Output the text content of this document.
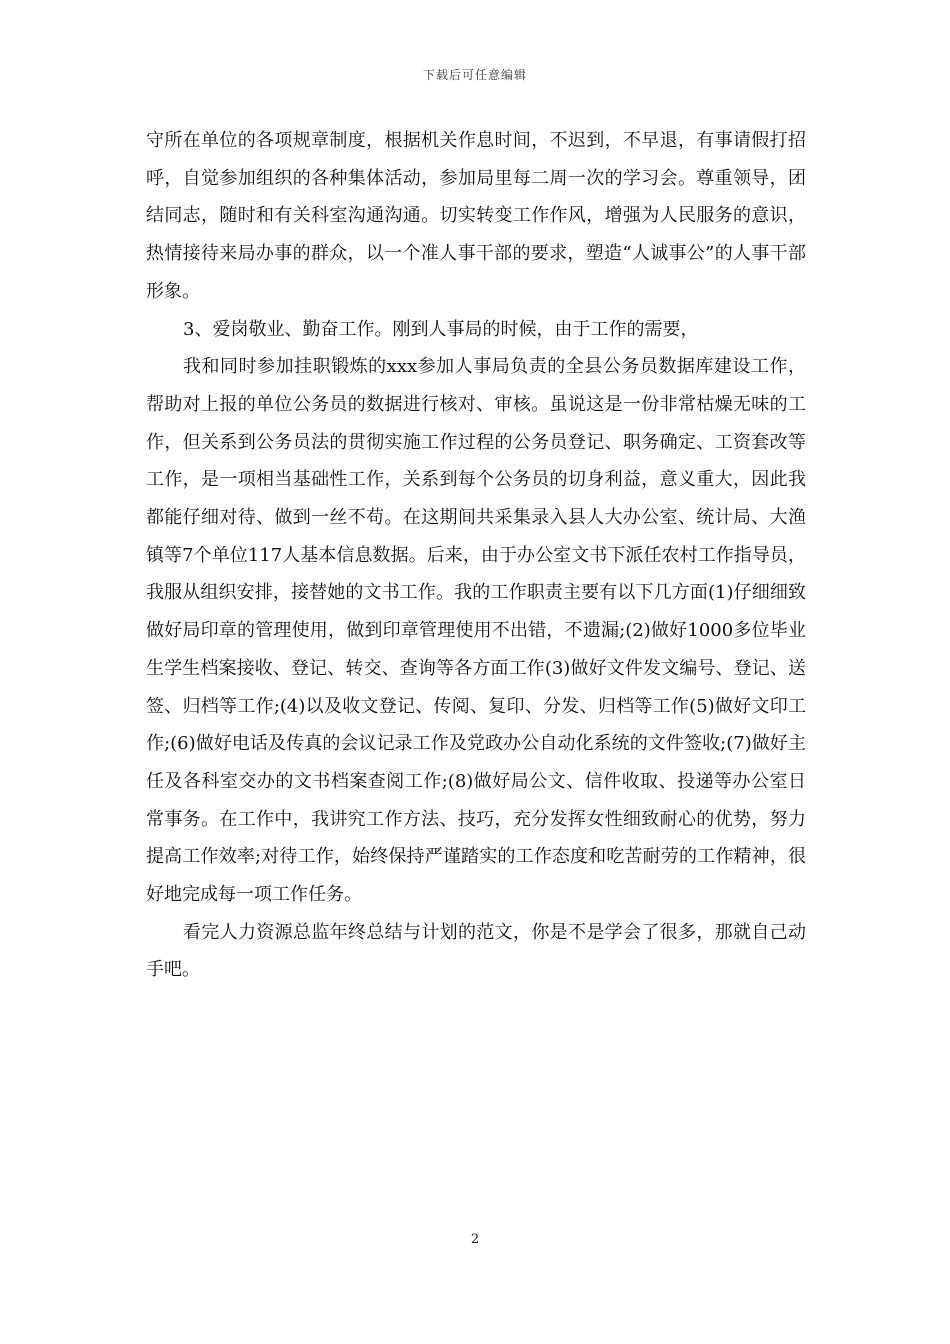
下载后可任意编辑

守所在单位的各项规章制度，根据机关作息时间，不迟到，不早退，有事请假打招呼，自觉参加组织的各种集体活动，参加局里每二周一次的学习会。尊重领导，团结同志，随时和有关科室沟通沟通。切实转变工作作风，增强为人民服务的意识，热情接待来局办事的群众，以一个准人事干部的要求，塑造“人诚事公”的人事干部形象。

3、爱岗敬业、勤奋工作。刚到人事局的时候，由于工作的需要，

我和同时参加挂职锻炼的xxx参加人事局负责的全县公务员数据库建设工作，帮助对上报的单位公务员的数据进行核对、审核。虽说这是一份非常枯燥无味的工作，但关系到公务员法的贯彻实施工作过程的公务员登记、职务确定、工资套改等工作，是一项相当基础性工作，关系到每个公务员的切身利益，意义重大，因此我都能仔细对待、做到一丝不苟。在这期间共采集录入县人大办公室、统计局、大渔镇等7个单位117人基本信息数据。后来，由于办公室文书下派任农村工作指导员，我服从组织安排，接替她的文书工作。我的工作职责主要有以下几方面(1)仔细细致做好局印章的管理使用，做到印章管理使用不出错，不遗漏;(2)做好1000多位毕业生学生档案接收、登记、转交、查询等各方面工作(3)做好文件发文编号、登记、送签、归档等工作;(4)以及收文登记、传阅、复印、分发、归档等工作(5)做好文印工作;(6)做好电话及传真的会议记录工作及党政办公自动化系统的文件签收;(7)做好主任及各科室交办的文书档案查阅工作;(8)做好局公文、信件收取、投递等办公室日常事务。在工作中，我讲究工作方法、技巧，充分发挥女性细致耐心的优势，努力提高工作效率;对待工作，始终保持严谨踏实的工作态度和吃苦耐劳的工作精神，很好地完成每一项工作任务。

看完人力资源总监年终总结与计划的范文，你是不是学会了很多，那就自己动手吧。

2
